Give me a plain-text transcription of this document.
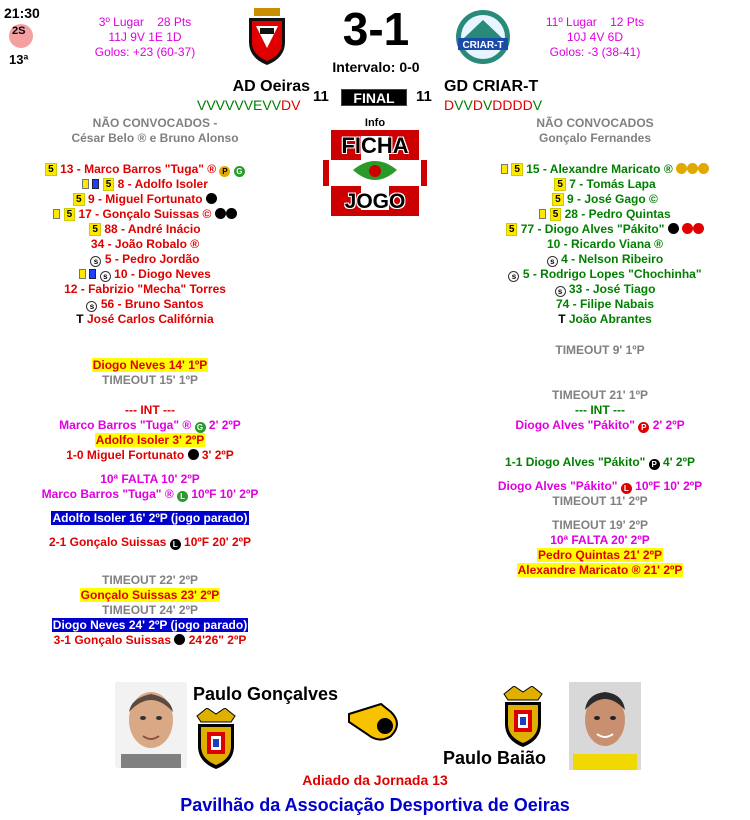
21:30
2S
13ª
3º Lugar 28 Pts
11J 9V 1E 1D
Golos: +23 (60-37)	3-1
Intervalo: 0-0
CRIAR-T
11º Lugar 12 Pts
10J 4V 6D
Golos: -3 (38-41)
AD Oeiras	GD CRIAR-T
VVVVVVEVVDV 11	FINAL	11 DVVDVDDDDV
Info
FICHA
JOGO
NÃO CONVOCADOS -
César Belo ® e Bruno Alonso
NÃO CONVOCADOS
Gonçalo Fernandes
5 13 - Marco Barros "Tuga" ® P G
5 8 - Adolfo Isoler
5 9 - Miguel Fortunato
5 17 - Gonçalo Suissas ©
5 88 - André Inácio
34 - João Robalo ®
s 5 - Pedro Jordão
s 10 - Diogo Neves
12 - Fabrizio "Mecha" Torres
s 56 - Bruno Santos
T José Carlos Califórnia
5 15 - Alexandre Maricato ®
5 7 - Tomás Lapa
5 9 - José Gago ©
5 28 - Pedro Quintas
5 77 - Diogo Alves "Pákito"
10 - Ricardo Viana ®
s 4 - Nelson Ribeiro
s 5 - Rodrigo Lopes "Chochinha"
s 33 - José Tiago
74 - Filipe Nabais
T João Abrantes
Diogo Neves 14' 1ºP
TIMEOUT 15' 1ºP
--- INT ---
Marco Barros "Tuga" ® G 2' 2ºP
Adolfo Isoler 3' 2ºP
1-0 Miguel Fortunato 3' 2ºP
10ª FALTA 10' 2ºP
Marco Barros "Tuga" ® L 10ºF 10' 2ºP
Adolfo Isoler 16' 2ºP (jogo parado)
2-1 Gonçalo Suissas L 10ºF 20' 2ºP
TIMEOUT 22' 2ºP
Gonçalo Suissas 23' 2ºP
TIMEOUT 24' 2ºP
Diogo Neves 24' 2ºP (jogo parado)
3-1 Gonçalo Suissas 24'26" 2ºP
TIMEOUT 9' 1ºP
TIMEOUT 21' 1ºP
--- INT ---
Diogo Alves "Pákito" P 2' 2ºP
1-1 Diogo Alves "Pákito" P 4' 2ºP
Diogo Alves "Pákito" L 10ºF 10' 2ºP
TIMEOUT 11' 2ºP
TIMEOUT 19' 2ºP
10ª FALTA 20' 2ºP
Pedro Quintas 21' 2ºP
Alexandre Maricato ® 21' 2ºP
Paulo Gonçalves
Paulo Baião
Adiado da Jornada 13
Pavilhão da Associação Desportiva de Oeiras
